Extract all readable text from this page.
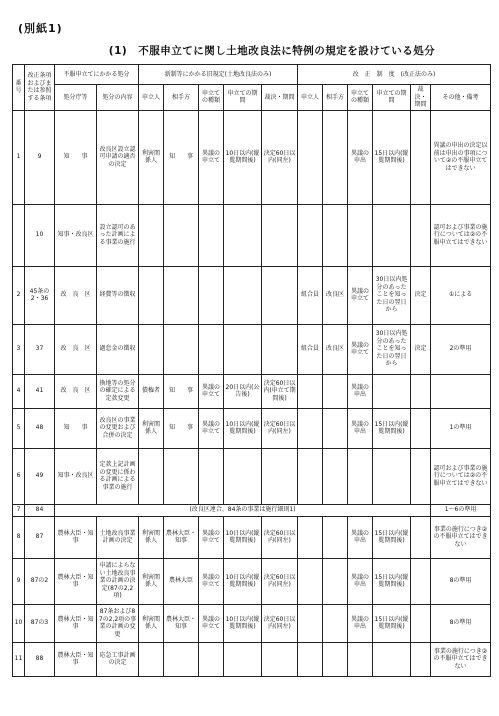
(別紙1)
(1)　不服申立てに関し土地改良法に特例の規定を設けている処分
番号	改正条項およびまたは参照する条項	不服申立てにかかる処分		新制等にかかる旧規定(土地改良法のみ)					改　正　制　度　(改正法のみ)					
		処分庁等	処分の内容	申立人	相手方	申立ての種類	申立ての期間	裁決・期間	申立人	相手方	申立ての種類	申立ての期間	裁決・期間	その他・備考
1	9	知　　事	改良区設立認可申請の適否の決定	利害関係人	知　　事	異議の申立て	10日以内(縦覧期間後)	決定60日以内(同左)			異議の申出	15日以内(縦覧期間後)		異議の申出の決定以前は申出の事項について②の不服申立てはできない
	10	知事・改良区	設立認可のあった計画による事業の施行											認可および事業の施行については②の不服申立てはできない
2	45条の2・36	改　良　区	経費等の徴収						組合員	改良区	異議の申立て	30日以内処分のあったことを知った日の翌日から	決定	①による
3	37	改　良　区	過怠金の徴収						組合員	改良区	異議の申立て	30日以内処分のあったことを知った日の翌日から	決定	2の準用
4	41	改　良　区	換地等の処分の確定による定款変更	債権者	知　　事	異議の申立て	20日以内(公告後)	決定60日以内(申立て期間後)			異議の申出			
5	48	知　　事	改良区の事業の変更および合併の決定	利害関係人	知　　事	異議の申立て	10日以内(縦覧期間後)	決定60日以内(同左)			異議の申出	15日以内(縦覧期間後)		1の準用
6	49	知事・改良区	定款上記計画の変更に係わる計画による事業の施行											認可および事業の施行については②の不服申立てはできない
7	84	(改良区連合、84条の事業は施行細則1)												1～6の準用
8	87	農林大臣・知事	土地改良事業計画の決定	利害関係人	農林大臣・知事	異議の申立て	10日以内(縦覧期間後)	決定60日以内(同左)			異議の申出	15日以内(縦覧期間後)		事業の施行につき②の不服申立てはできない
9	87の2	農林大臣・知事	申請によらない土地改良事業の計画の決定(87の2,2項)	利害関係人	農林大臣	異議の申立て	10日以内(縦覧期間後)	決定60日以内(同左)			異議の申出	15日以内(縦覧期間後)		8の準用
10	87の3	農林大臣・知事	87条および87の2,2項の事業の計画の変更	利害関係人	農林大臣・知事	異議の申立て	10日以内(縦覧期間後)	決定60日以内(同左)			異議の申出	15日以内(縦覧期間後)		8の準用
11	88	農林大臣・知事	応急工事計画の決定											事業の施行につき②の不服申立てはできない
